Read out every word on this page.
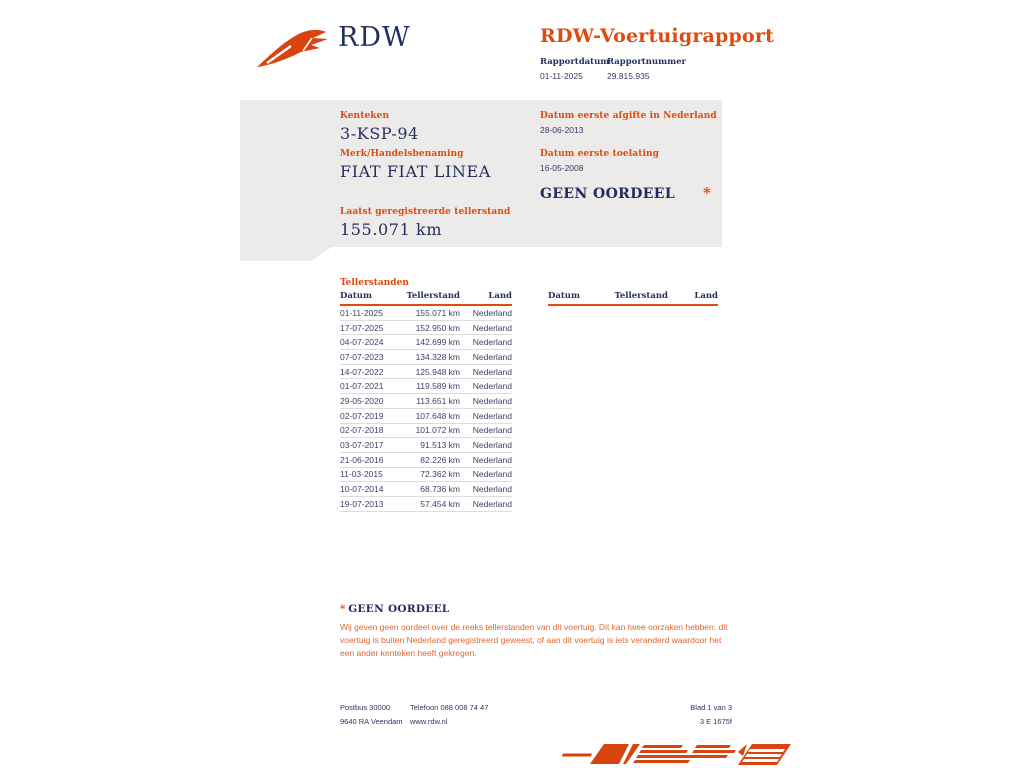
RDW	RDW-Voertuigrapport
Rapportdatum
01-11-2025
Rapportnummer
29.815.935
Kenteken
3-KSP-94
Merk/Handelsbenaming
FIAT FIAT LINEA
Laatst geregistreerde tellerstand
155.071 km
Datum eerste afgifte in Nederland
28-06-2013
Datum eerste toelating
16-05-2008
GEEN OORDEEL *
Tellerstanden
Datum	Tellerstand	Land
01-11-2025	155.071 km	Nederland
17-07-2025	152.950 km	Nederland
04-07-2024	142.699 km	Nederland
07-07-2023	134.328 km	Nederland
14-07-2022	125.948 km	Nederland
01-07-2021	119.589 km	Nederland
29-05-2020	113.651 km	Nederland
02-07-2019	107.648 km	Nederland
02-07-2018	101.072 km	Nederland
03-07-2017	91.513 km	Nederland
21-06-2016	82.226 km	Nederland
11-03-2015	72.362 km	Nederland
10-07-2014	68.736 km	Nederland
19-07-2013	57.454 km	Nederland
Datum	Tellerstand	Land
* GEEN OORDEEL
Wij geven geen oordeel over de reeks tellerstanden van dit voertuig. Dit kan twee oorzaken hebben: dit voertuig is buiten Nederland geregistreerd geweest, of aan dit voertuig is iets veranderd waardoor het een ander kenteken heeft gekregen.
Postbus 30000
9640 RA Veendam
Telefoon 088 008 74 47
www.rdw.nl
Blad 1 van 3
3 E 1675f
